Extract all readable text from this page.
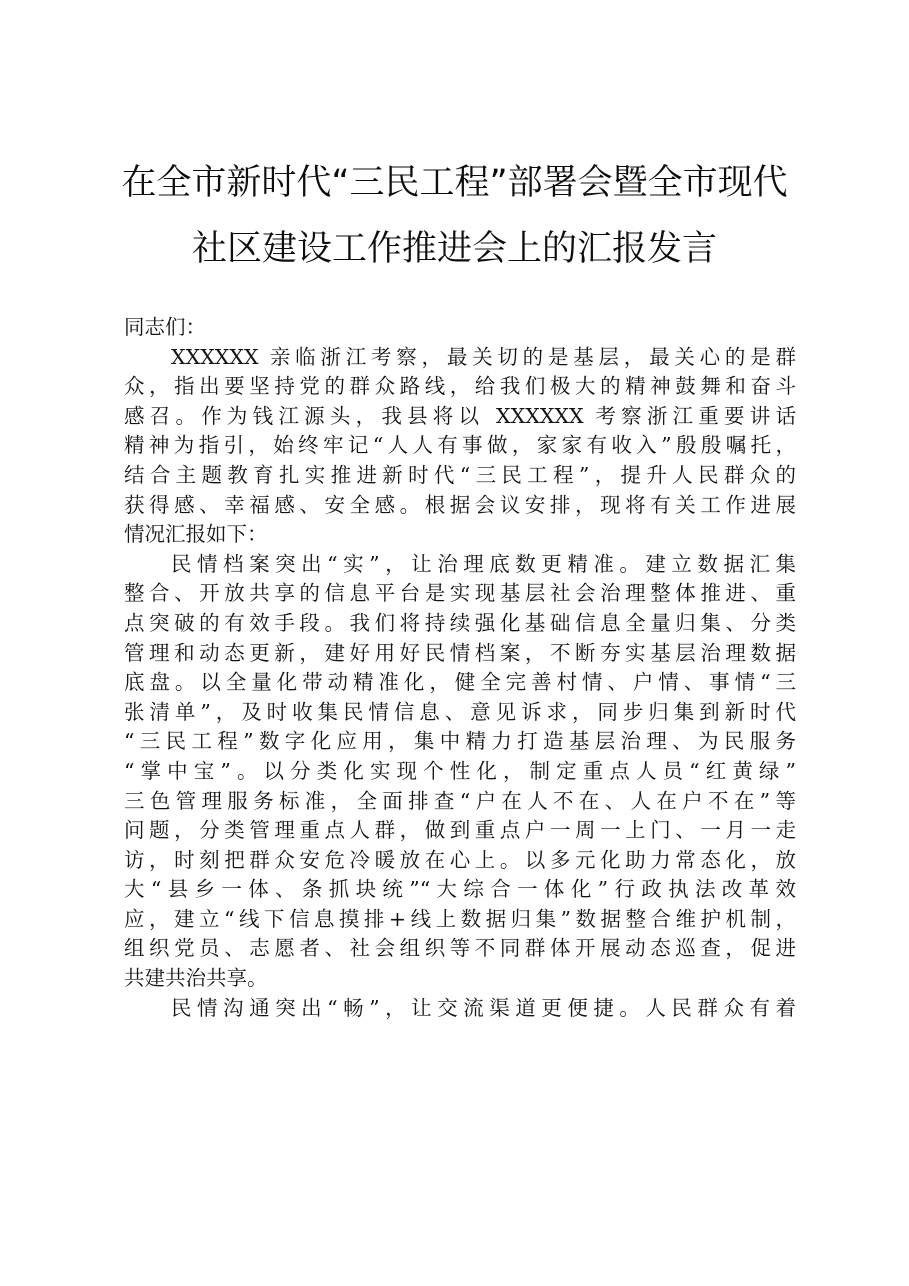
在全市新时代“三民工程”部署会暨全市现代
社区建设工作推进会上的汇报发言
同志们：
XXXXXX 亲临浙江考察，最关切的是基层，最关心的是群
众，指出要坚持党的群众路线，给我们极大的精神鼓舞和奋斗
感召。作为钱江源头，我县将以 XXXXXX 考察浙江重要讲话
精神为指引，始终牢记“人人有事做，家家有收入”殷殷嘱托，
结合主题教育扎实推进新时代“三民工程”，提升人民群众的
获得感、幸福感、安全感。根据会议安排，现将有关工作进展
情况汇报如下：
民情档案突出“实”，让治理底数更精准。建立数据汇集
整合、开放共享的信息平台是实现基层社会治理整体推进、重
点突破的有效手段。我们将持续强化基础信息全量归集、分类
管理和动态更新，建好用好民情档案，不断夯实基层治理数据
底盘。以全量化带动精准化，健全完善村情、户情、事情“三
张清单”，及时收集民情信息、意见诉求，同步归集到新时代
“三民工程”数字化应用，集中精力打造基层治理、为民服务
“掌中宝”。以分类化实现个性化，制定重点人员“红黄绿”
三色管理服务标准，全面排查“户在人不在、人在户不在”等
问题，分类管理重点人群，做到重点户一周一上门、一月一走
访，时刻把群众安危冷暖放在心上。以多元化助力常态化，放
大“县乡一体、条抓块统”“大综合一体化”行政执法改革效
应，建立“线下信息摸排+线上数据归集”数据整合维护机制，
组织党员、志愿者、社会组织等不同群体开展动态巡查，促进
共建共治共享。
民情沟通突出“畅”，让交流渠道更便捷。人民群众有着
